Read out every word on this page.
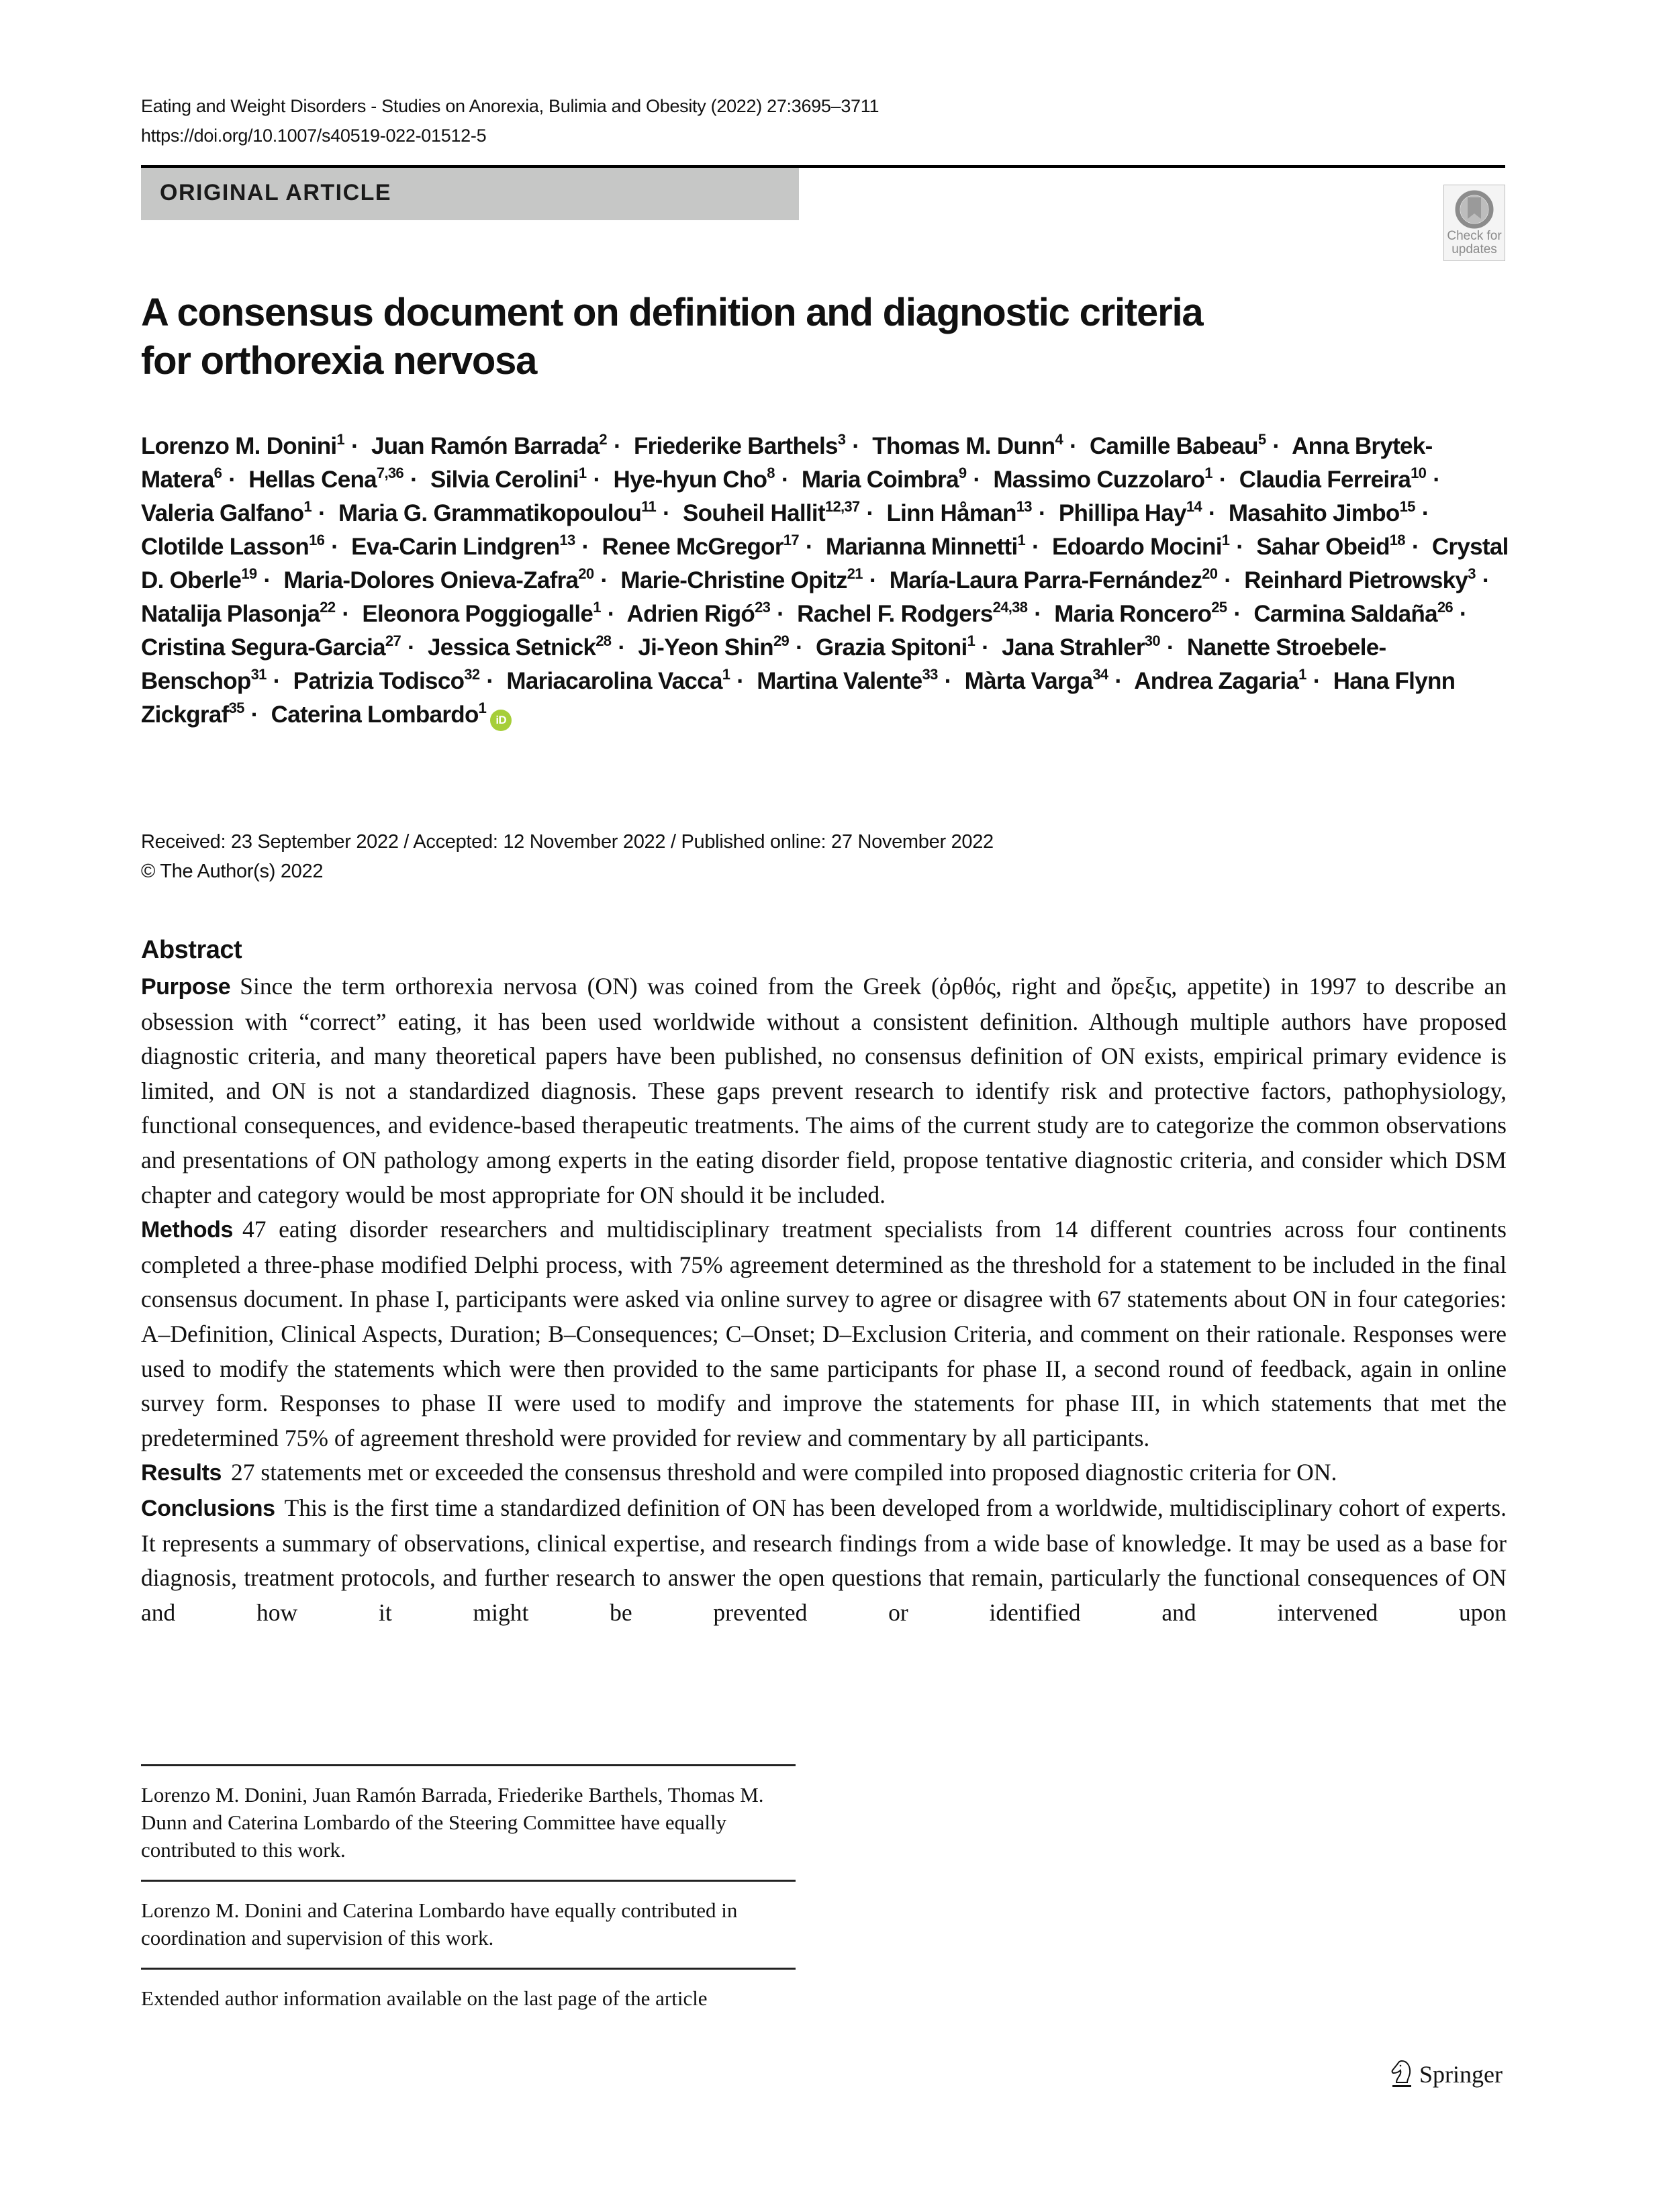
Eating and Weight Disorders - Studies on Anorexia, Bulimia and Obesity (2022) 27:3695–3711
https://doi.org/10.1007/s40519-022-01512-5
ORIGINAL ARTICLE
Check for
updates
A consensus document on definition and diagnostic criteria
for orthorexia nervosa
Lorenzo M. Donini$^1$ · Juan Ramón Barrada$^2$ · Friederike Barthels$^3$ · Thomas M. Dunn$^4$ · Camille Babeau$^5$ · Anna Brytek-Matera$^6$ · Hellas Cena$^{7,36}$ · Silvia Cerolini$^1$ · Hye-hyun Cho$^8$ · Maria Coimbra$^9$ · Massimo Cuzzolaro$^1$ · Claudia Ferreira$^{10}$ · Valeria Galfano$^1$ · Maria G. Grammatikopoulou$^{11}$ · Souheil Hallit$^{12,37}$ · Linn Håman$^{13}$ · Phillipa Hay$^{14}$ · Masahito Jimbo$^{15}$ · Clotilde Lasson$^{16}$ · Eva-Carin Lindgren$^{13}$ · Renee McGregor$^{17}$ · Marianna Minnetti$^1$ · Edoardo Mocini$^1$ · Sahar Obeid$^{18}$ · Crystal D. Oberle$^{19}$ · Maria-Dolores Onieva-Zafra$^{20}$ · Marie-Christine Opitz$^{21}$ · María-Laura Parra-Fernández$^{20}$ · Reinhard Pietrowsky$^3$ · Natalija Plasonja$^{22}$ · Eleonora Poggiogalle$^1$ · Adrien Rigó$^{23}$ · Rachel F. Rodgers$^{24,38}$ · Maria Roncero$^{25}$ · Carmina Saldaña$^{26}$ · Cristina Segura-Garcia$^{27}$ · Jessica Setnick$^{28}$ · Ji-Yeon Shin$^{29}$ · Grazia Spitoni$^1$ · Jana Strahler$^{30}$ · Nanette Stroebele-Benschop$^{31}$ · Patrizia Todisco$^{32}$ · Mariacarolina Vacca$^1$ · Martina Valente$^{33}$ · Màrta Varga$^{34}$ · Andrea Zagaria$^1$ · Hana Flynn Zickgraf$^{35}$ · Caterina Lombardo$^1$iD
Received: 23 September 2022 / Accepted: 12 November 2022 / Published online: 27 November 2022
© The Author(s) 2022
Abstract

Purpose Since the term orthorexia nervosa (ON) was coined from the Greek (ὀρθός, right and ὄρεξις, appetite) in 1997 to describe an obsession with “correct” eating, it has been used worldwide without a consistent definition. Although multiple authors have proposed diagnostic criteria, and many theoretical papers have been published, no consensus definition of ON exists, empirical primary evidence is limited, and ON is not a standardized diagnosis. These gaps prevent research to identify risk and protective factors, pathophysiology, functional consequences, and evidence-based therapeutic treatments. The aims of the current study are to categorize the common observations and presentations of ON pathology among experts in the eating disorder field, propose tentative diagnostic criteria, and consider which DSM chapter and category would be most appropriate for ON should it be included.

Methods 47 eating disorder researchers and multidisciplinary treatment specialists from 14 different countries across four continents completed a three-phase modified Delphi process, with 75% agreement determined as the threshold for a statement to be included in the final consensus document. In phase I, participants were asked via online survey to agree or disagree with 67 statements about ON in four categories: A–Definition, Clinical Aspects, Duration; B–Consequences; C–Onset; D–Exclusion Criteria, and comment on their rationale. Responses were used to modify the statements which were then provided to the same participants for phase II, a second round of feedback, again in online survey form. Responses to phase II were used to modify and improve the statements for phase III, in which statements that met the predetermined 75% of agreement threshold were provided for review and commentary by all participants.

Results 27 statements met or exceeded the consensus threshold and were compiled into proposed diagnostic criteria for ON.

Conclusions This is the first time a standardized definition of ON has been developed from a worldwide, multidisciplinary cohort of experts. It represents a summary of observations, clinical expertise, and research findings from a wide base of knowledge. It may be used as a base for diagnosis, treatment protocols, and further research to answer the open questions that remain, particularly the functional consequences of ON and how it might be prevented or identified and intervened upon

Lorenzo M. Donini, Juan Ramón Barrada, Friederike Barthels, Thomas M. Dunn and Caterina Lombardo of the Steering Committee have equally contributed to this work.
Lorenzo M. Donini and Caterina Lombardo have equally contributed in coordination and supervision of this work.
Extended author information available on the last page of the article
Springer
